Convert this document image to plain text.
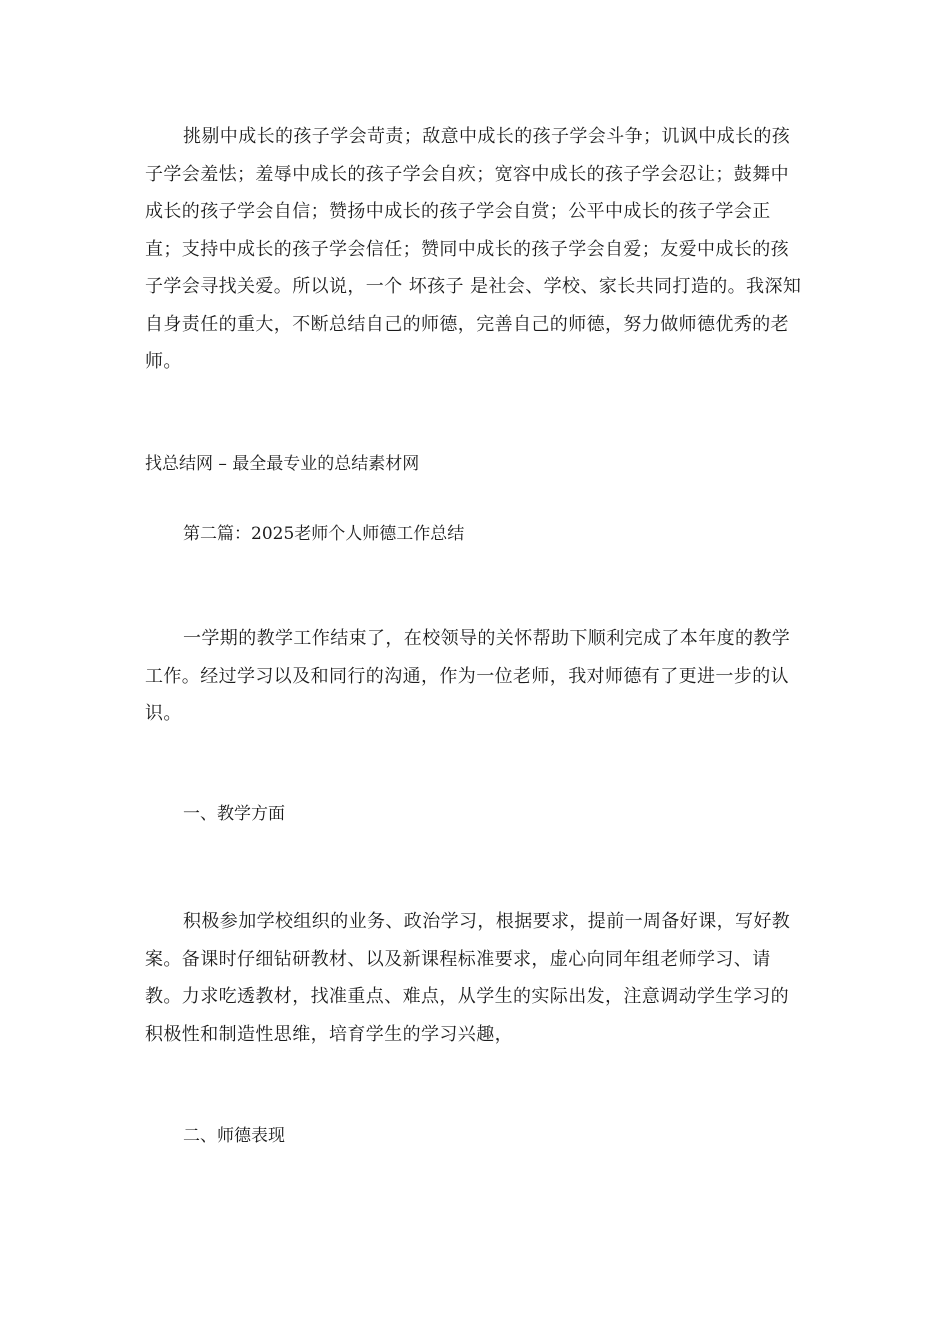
挑剔中成长的孩子学会苛责；敌意中成长的孩子学会斗争；讥讽中成长的孩子学会羞怯；羞辱中成长的孩子学会自疚；宽容中成长的孩子学会忍让；鼓舞中成长的孩子学会自信；赞扬中成长的孩子学会自赏；公平中成长的孩子学会正直；支持中成长的孩子学会信任；赞同中成长的孩子学会自爱；友爱中成长的孩子学会寻找关爱。所以说，一个 坏孩子 是社会、学校、家长共同打造的。我深知自身责任的重大，不断总结自己的师德，完善自己的师德，努力做师德优秀的老师。

找总结网 – 最全最专业的总结素材网

第二篇：2025老师个人师德工作总结

一学期的教学工作结束了，在校领导的关怀帮助下顺利完成了本年度的教学工作。经过学习以及和同行的沟通，作为一位老师，我对师德有了更进一步的认识。

一、教学方面

积极参加学校组织的业务、政治学习，根据要求，提前一周备好课，写好教案。备课时仔细钻研教材、以及新课程标准要求，虚心向同年组老师学习、请教。力求吃透教材，找准重点、难点，从学生的实际出发，注意调动学生学习的积极性和制造性思维，培育学生的学习兴趣，

二、师德表现
